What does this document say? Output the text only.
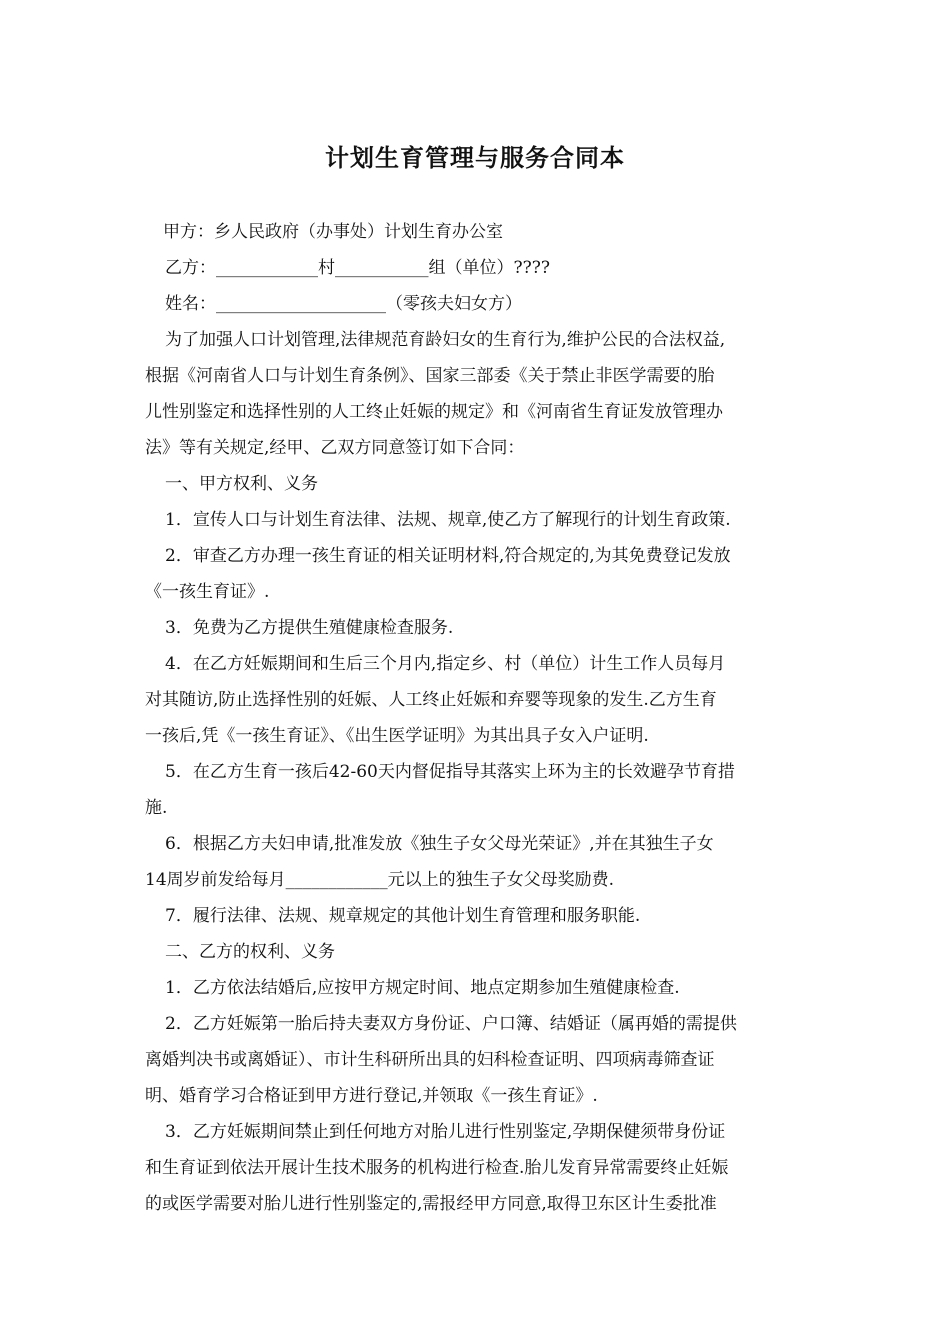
计划生育管理与服务合同本
甲方：乡人民政府（办事处）计划生育办公室
乙方：____________村___________组（单位）????
姓名：____________________（零孩夫妇女方）
为了加强人口计划管理,法律规范育龄妇女的生育行为,维护公民的合法权益,
根据《河南省人口与计划生育条例》、国家三部委《关于禁止非医学需要的胎
儿性别鉴定和选择性别的人工终止妊娠的规定》和《河南省生育证发放管理办
法》等有关规定,经甲、乙双方同意签订如下合同：
一、甲方权利、义务
1．宣传人口与计划生育法律、法规、规章,使乙方了解现行的计划生育政策.
2．审查乙方办理一孩生育证的相关证明材料,符合规定的,为其免费登记发放
《一孩生育证》.
3．免费为乙方提供生殖健康检查服务.
4．在乙方妊娠期间和生后三个月内,指定乡、村（单位）计生工作人员每月
对其随访,防止选择性别的妊娠、人工终止妊娠和弃婴等现象的发生.乙方生育
一孩后,凭《一孩生育证》、《出生医学证明》为其出具子女入户证明.
5．在乙方生育一孩后42-60天内督促指导其落实上环为主的长效避孕节育措
施.
6．根据乙方夫妇申请,批准发放《独生子女父母光荣证》,并在其独生子女
14周岁前发给每月____________元以上的独生子女父母奖励费.
7．履行法律、法规、规章规定的其他计划生育管理和服务职能.
二、乙方的权利、义务
1．乙方依法结婚后,应按甲方规定时间、地点定期参加生殖健康检查.
2．乙方妊娠第一胎后持夫妻双方身份证、户口簿、结婚证（属再婚的需提供
离婚判决书或离婚证）、市计生科研所出具的妇科检查证明、四项病毒筛查证
明、婚育学习合格证到甲方进行登记,并领取《一孩生育证》.
3．乙方妊娠期间禁止到任何地方对胎儿进行性别鉴定,孕期保健须带身份证
和生育证到依法开展计生技术服务的机构进行检查.胎儿发育异常需要终止妊娠
的或医学需要对胎儿进行性别鉴定的,需报经甲方同意,取得卫东区计生委批准
